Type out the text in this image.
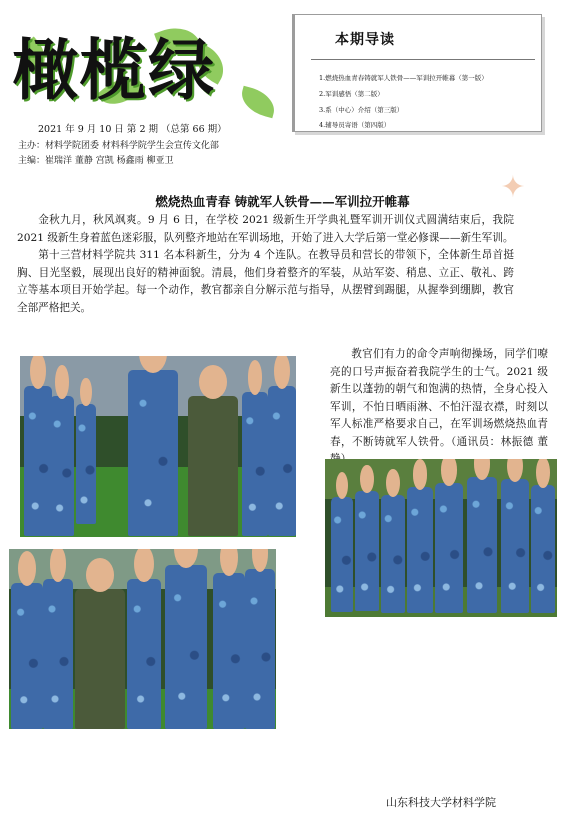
橄榄绿
2021 年 9 月 10 日 第 2 期 （总第 66 期）
主办：材料学院团委 材料科学院学生会宣传文化部
主编：崔瑞洋 董静 宫凯 杨鑫雨 柳亚卫
本期导读
1.燃烧热血青春铸就军人铁骨——军训拉开帷幕（第一版）
2.军训感悟（第二版）
3.系（中心）介绍（第三版）
4.辅导员寄语（第四版）
✦
燃烧热血青春 铸就军人铁骨——军训拉开帷幕

金秋九月，秋风飒爽。9 月 6 日，在学校 2021 级新生开学典礼暨军训开训仪式圆满结束后，我院 2021 级新生身着蓝色迷彩服，队列整齐地站在军训场地，开始了进入大学后第一堂必修课——新生军训。

第十三营材料学院共 311 名本科新生，分为 4 个连队。在教导员和营长的带领下，全体新生昂首挺胸、目光坚毅，展现出良好的精神面貌。清晨，他们身着整齐的军装，从站军姿、稍息、立正、敬礼、跨立等基本项目开始学起。每一个动作，教官都亲自分解示范与指导，从摆臂到踢腿，从握拳到绷脚，教官全部严格把关。

教官们有力的命令声响彻操场，同学们嘹亮的口号声振奋着我院学生的士气。2021 级新生以蓬勃的朝气和饱满的热情，全身心投入军训，不怕日晒雨淋、不怕汗湿衣襟，时刻以军人标准严格要求自己，在军训场燃烧热血青春，不断铸就军人铁骨。（通讯员：林振德 董

山东科技大学材料学院
